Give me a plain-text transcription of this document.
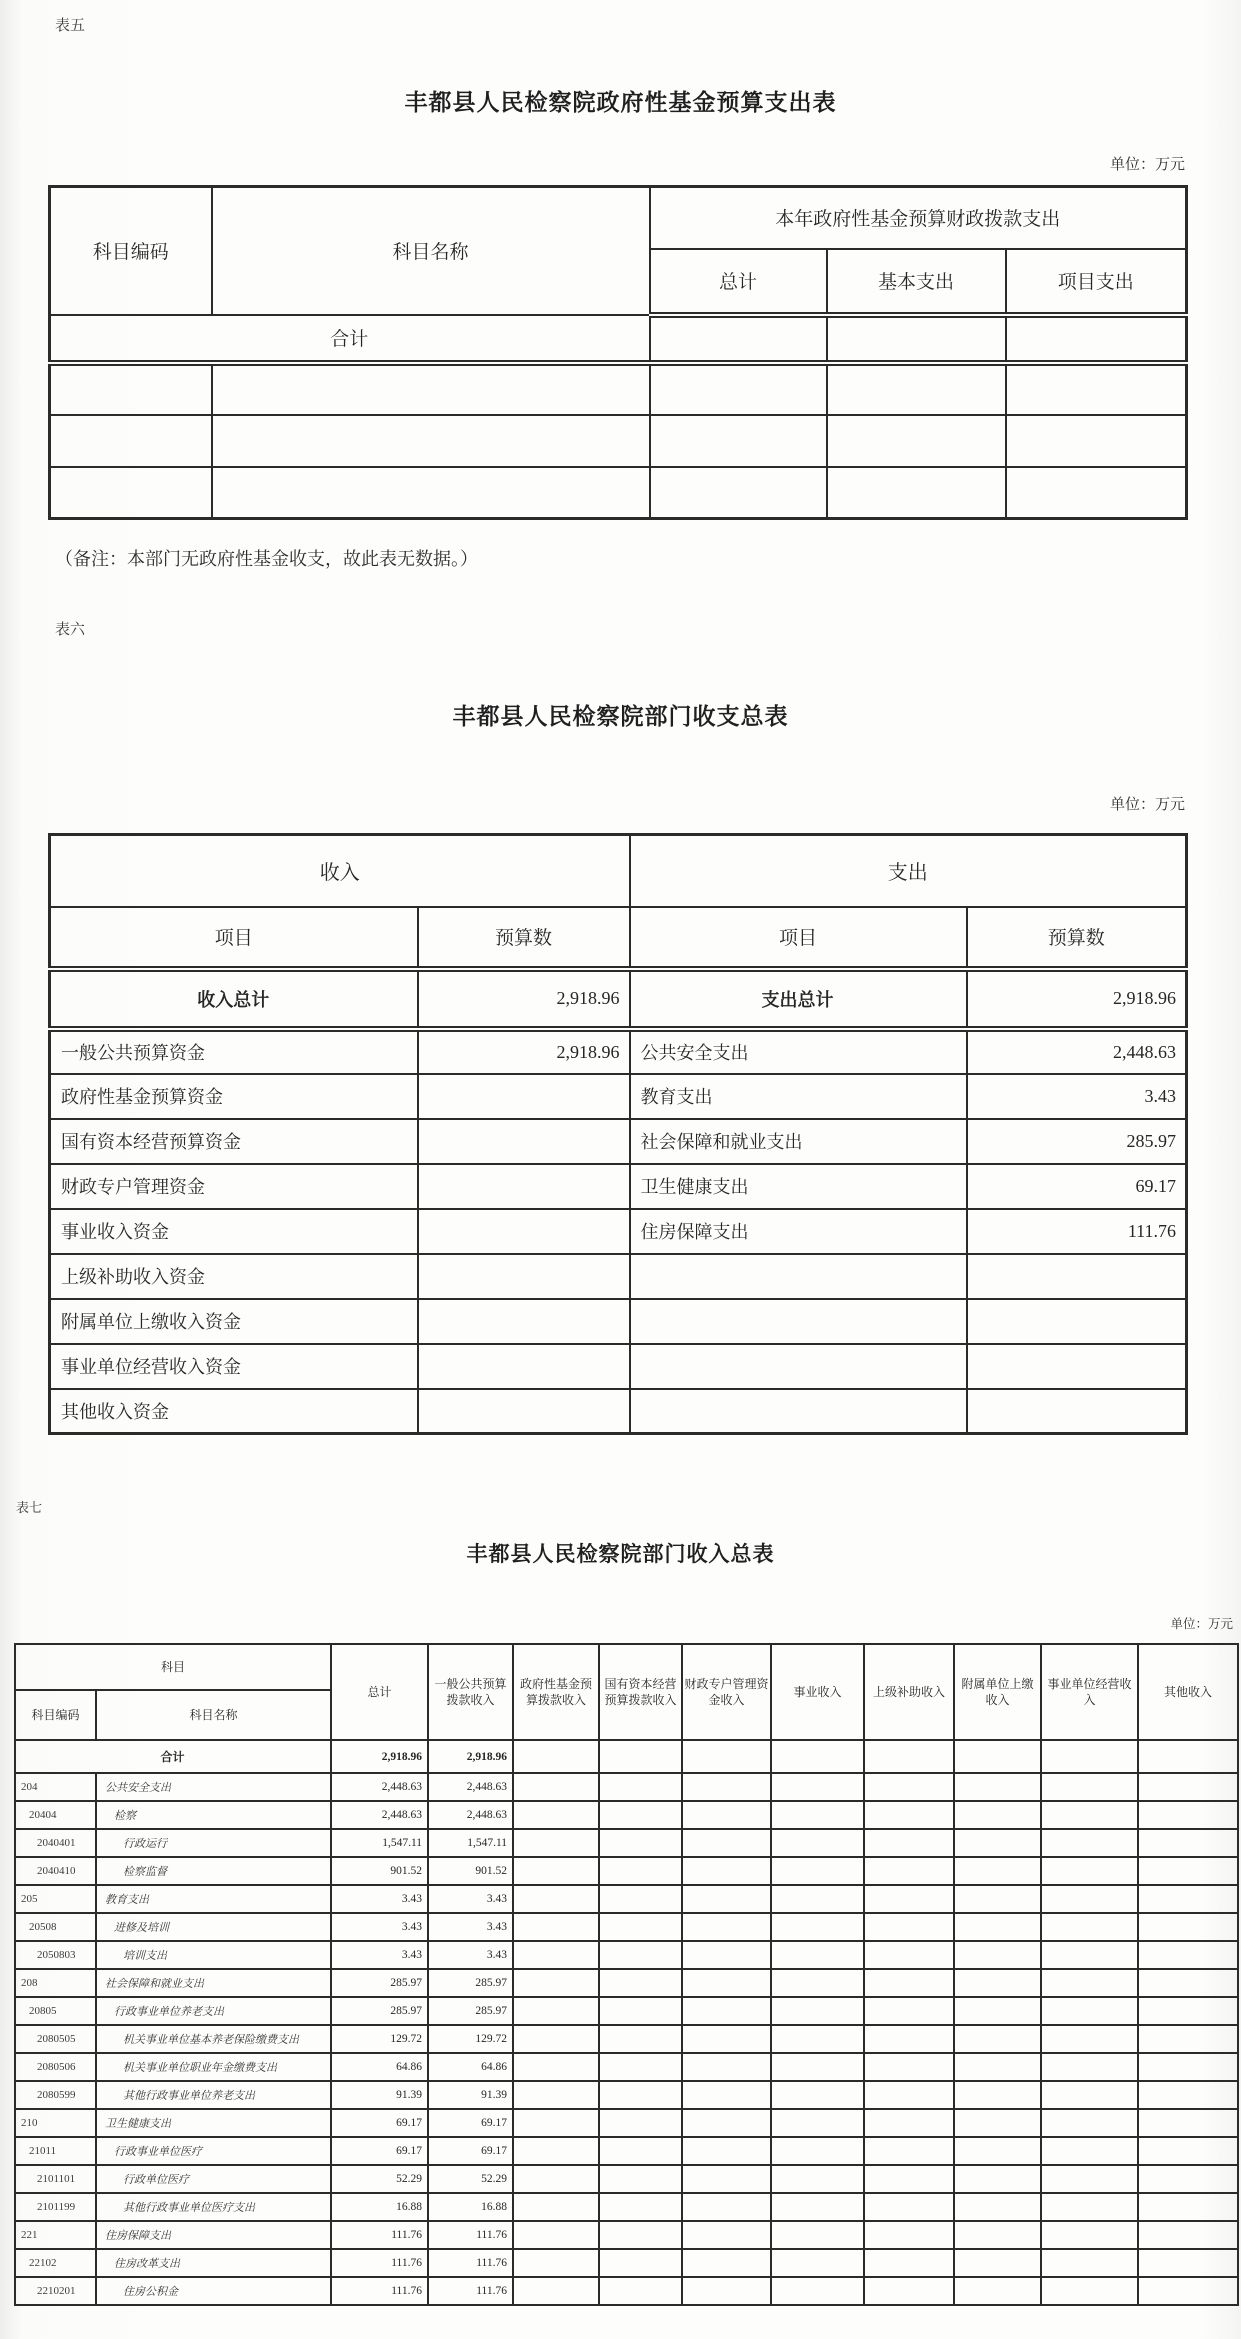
表五
丰都县人民检察院政府性基金预算支出表
单位：万元
科目编码	科目名称	本年政府性基金预算财政拨款支出		
		总计	基本支出	项目支出
合计				

（备注：本部门无政府性基金收支，故此表无数据。）
表六
丰都县人民检察院部门收支总表
单位：万元
收入		支出	
项目	预算数	项目	预算数
收入总计	2,918.96	支出总计	2,918.96
一般公共预算资金	2,918.96	公共安全支出	2,448.63
政府性基金预算资金		教育支出	3.43
国有资本经营预算资金		社会保障和就业支出	285.97
财政专户管理资金		卫生健康支出	69.17
事业收入资金		住房保障支出	111.76
上级补助收入资金			
附属单位上缴收入资金			
事业单位经营收入资金			
其他收入资金			
表七
丰都县人民检察院部门收入总表
单位：万元
科目		总计	一般公共预算拨款收入	政府性基金预算拨款收入	国有资本经营预算拨款收入	财政专户管理资金收入	事业收入	上级补助收入	附属单位上缴收入	事业单位经营收入	其他收入
科目编码	科目名称										
合计		2,918.96	2,918.96								
204	公共安全支出	2,448.63	2,448.63								
20404	检察	2,448.63	2,448.63								
2040401	行政运行	1,547.11	1,547.11								
2040410	检察监督	901.52	901.52								
205	教育支出	3.43	3.43								
20508	进修及培训	3.43	3.43								
2050803	培训支出	3.43	3.43								
208	社会保障和就业支出	285.97	285.97								
20805	行政事业单位养老支出	285.97	285.97								
2080505	机关事业单位基本养老保险缴费支出	129.72	129.72								
2080506	机关事业单位职业年金缴费支出	64.86	64.86								
2080599	其他行政事业单位养老支出	91.39	91.39								
210	卫生健康支出	69.17	69.17								
21011	行政事业单位医疗	69.17	69.17								
2101101	行政单位医疗	52.29	52.29								
2101199	其他行政事业单位医疗支出	16.88	16.88								
221	住房保障支出	111.76	111.76								
22102	住房改革支出	111.76	111.76								
2210201	住房公积金	111.76	111.76								
